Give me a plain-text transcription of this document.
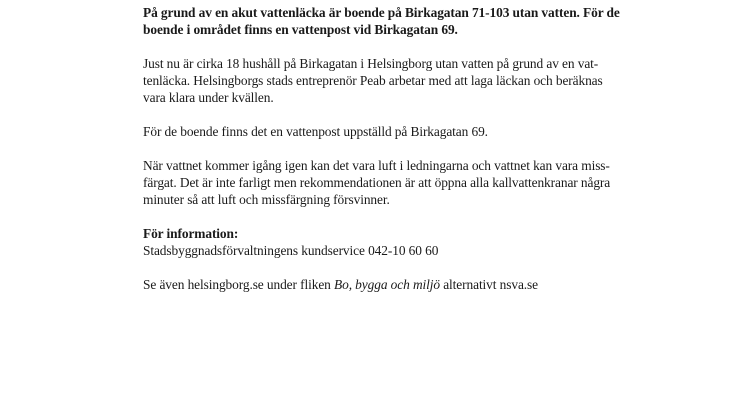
På grund av en akut vattenläcka är boende på Birkagatan 71-103 utan vatten. För de
boende i området finns en vattenpost vid Birkagatan 69.

Just nu är cirka 18 hushåll på Birkagatan i Helsingborg utan vatten på grund av en vat-
tenläcka. Helsingborgs stads entreprenör Peab arbetar med att laga läckan och beräknas
vara klara under kvällen.

För de boende finns det en vattenpost uppställd på Birkagatan 69.

När vattnet kommer igång igen kan det vara luft i ledningarna och vattnet kan vara miss-
färgat. Det är inte farligt men rekommendationen är att öppna alla kallvattenkranar några
minuter så att luft och missfärgning försvinner.

För information:
Stadsbyggnadsförvaltningens kundservice 042-10 60 60

Se även helsingborg.se under fliken Bo, bygga och miljö alternativt nsva.se
